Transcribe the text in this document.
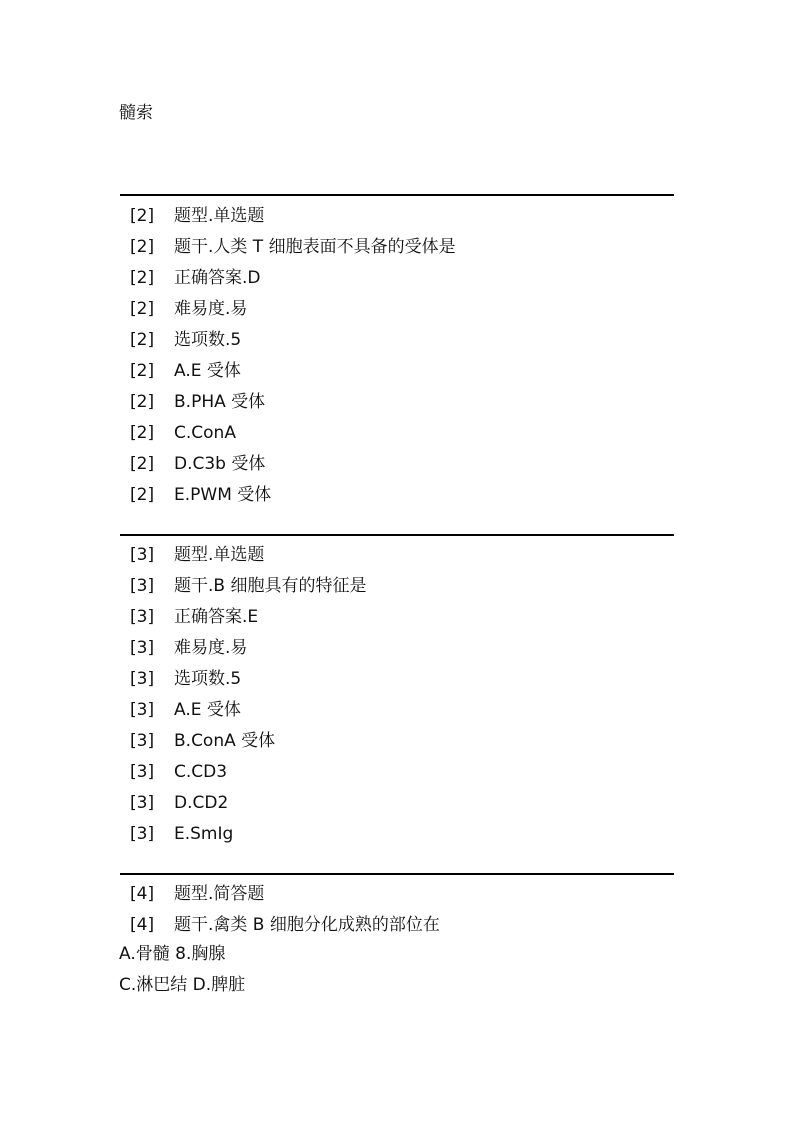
髓索
[2]	题型.单选题
[2]	题干.人类 T 细胞表面不具备的受体是
[2]	正确答案.D
[2]	难易度.易
[2]	选项数.5
[2]	A.E 受体
[2]	B.PHA 受体
[2]	C.ConA
[2]	D.C3b 受体
[2]	E.PWM 受体
[3]	题型.单选题
[3]	题干.B 细胞具有的特征是
[3]	正确答案.E
[3]	难易度.易
[3]	选项数.5
[3]	A.E 受体
[3]	B.ConA 受体
[3]	C.CD3
[3]	D.CD2
[3]	E.SmIg
[4]	题型.简答题
[4]	题干.禽类 B 细胞分化成熟的部位在
A.骨髓 8.胸腺
C.淋巴结 D.脾脏
